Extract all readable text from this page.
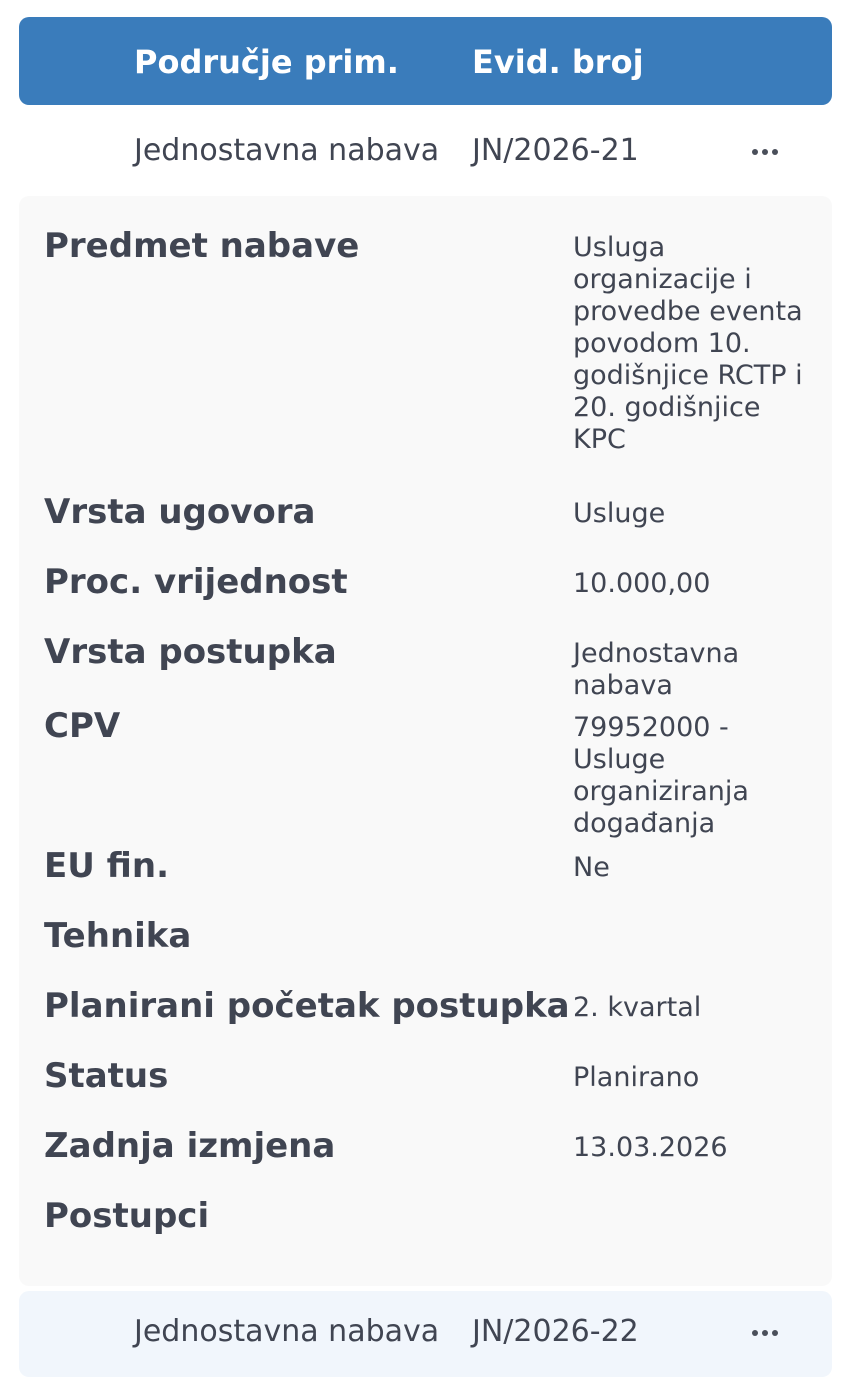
Područje prim. Evid. broj
Jednostavna nabava JN/2026-21
Predmet nabave	Usluga organizacije i provedbe eventa povodom 10. godišnjice RCTP i 20. godišnjice KPC
Vrsta ugovora	Usluge
Proc. vrijednost	10.000,00
Vrsta postupka	Jednostavna nabava
CPV	79952000 - Usluge organiziranja događanja
EU fin.	Ne
Tehnika
Planirani početak postupka 2. kvartal
Status	Planirano
Zadnja izmjena	13.03.2026
Postupci
Jednostavna nabava JN/2026-22
